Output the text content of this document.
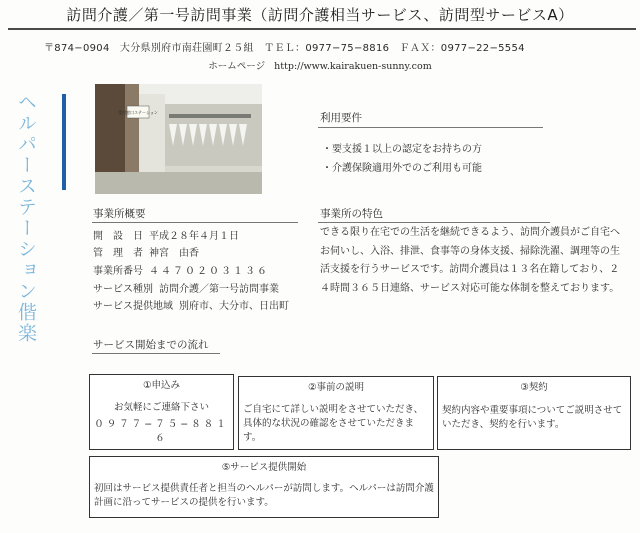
訪問介護／第一号訪問事業（訪問介護相当サービス、訪問型サービスA）
〒874−0904　大分県別府市南荘園町２５組　ＴＥＬ：0977−75−8816　ＦＡＸ：0977−22−5554
ホームページ http://www.kairakuen-sunny.com
ヘルパーステーション偕楽
受付窓口ステーション	利用要件
・要支援１以上の認定をお持ちの方
・介護保険適用外でのご利用も可能
事業所概要
開　設　日 平成２８年４月１日
管　理　者 神宮　由香
事業所番号 ４４７０２０３１３６
サービス種別 訪問介護／第一号訪問事業
サービス提供地域 別府市、大分市、日出町
事業所の特色
できる限り在宅での生活を継続できるよう、訪問介護員がご自宅へお伺いし、入浴、排泄、食事等の身体支援、掃除洗濯、調理等の生活支援を行うサービスです。訪問介護員は１３名在籍しており、２４時間３６５日連絡、サービス対応可能な体制を整えております。
サービス開始までの流れ
①申込み
お気軽にご連絡下さい
０９７７−７５−８８１６
②事前の説明
ご自宅にて詳しい説明をさせていただき、具体的な状況の確認をさせていただきます。
③契約
契約内容や重要事項についてご説明させていただき、契約を行います。
⑤サービス提供開始
初回はサービス提供責任者と担当のヘルパーが訪問します。ヘルパーは訪問介護計画に沿ってサービスの提供を行います。
